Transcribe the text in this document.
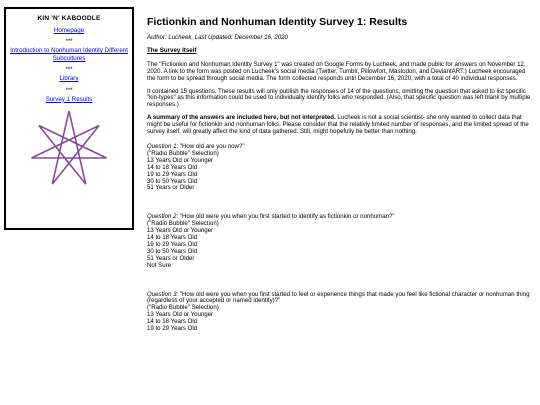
KIN 'N' KABOODLE
Homepage
***
Introduction to Nonhuman Identity Different Subcultures
***
Library
***
Survey 1 Results
Fictionkin and Nonhuman Identity Survey 1: Results
Author: Lucheek, Last Updated: December 16, 2020
The Survey Itself

The "Fictionkin and Nonhuman Identity Survey 1" was created on Google Forms by Lucheek, and made public for answers on November 12, 2020. A link to the form was posted on Lucheek's social media (Twitter, Tumblr, Pillowfort, Mastodon, and DeviantART.) Lucheek encouraged the form to be spread through social media. The form collected responds until December 16, 2020, with a total of 40 individual responses.

It contained 15 questions. These results will only publish the responses of 14 of the questions, omitting the question that asked to list specific "kin-types" as this information could be used to individually identify folks who responded. (Also, that specific question was left blank by multiple responses.)

A summary of the answers are included here, but not interpreted. Lucheek is not a social scientist- she only wanted to collect data that might be useful for fictionkin and nonhuman folks. Please consider that the relativly limited number of responses, and the limited spread of the survey itself, will greatly affect the kind of data gathered. Still, might hopefully be better than nothing.

Question 1: "How old are you now?"
("Radio Bubble" Selection)
13 Years Old or Younger
14 to 18 Years Old
19 to 29 Years Old
30 to 50 Years Old
51 Years or Older
Question 2: "How old were you when you first started to identify as fictionkin or nonhuman?"
("Radio Bubble" Selection)
13 Years Old or Younger
14 to 18 Years Old
19 to 29 Years Old
30 to 50 Years Old
51 Years or Older
Not Sure
Question 3: "How old were you when you first started to feel or experience things that made you feel like fictional character or nonhuman thing (regardless of your accepted or named identity)?"
("Radio Bubble" Selection)
13 Years Old or Younger
14 to 18 Years Old
19 to 29 Years Old
